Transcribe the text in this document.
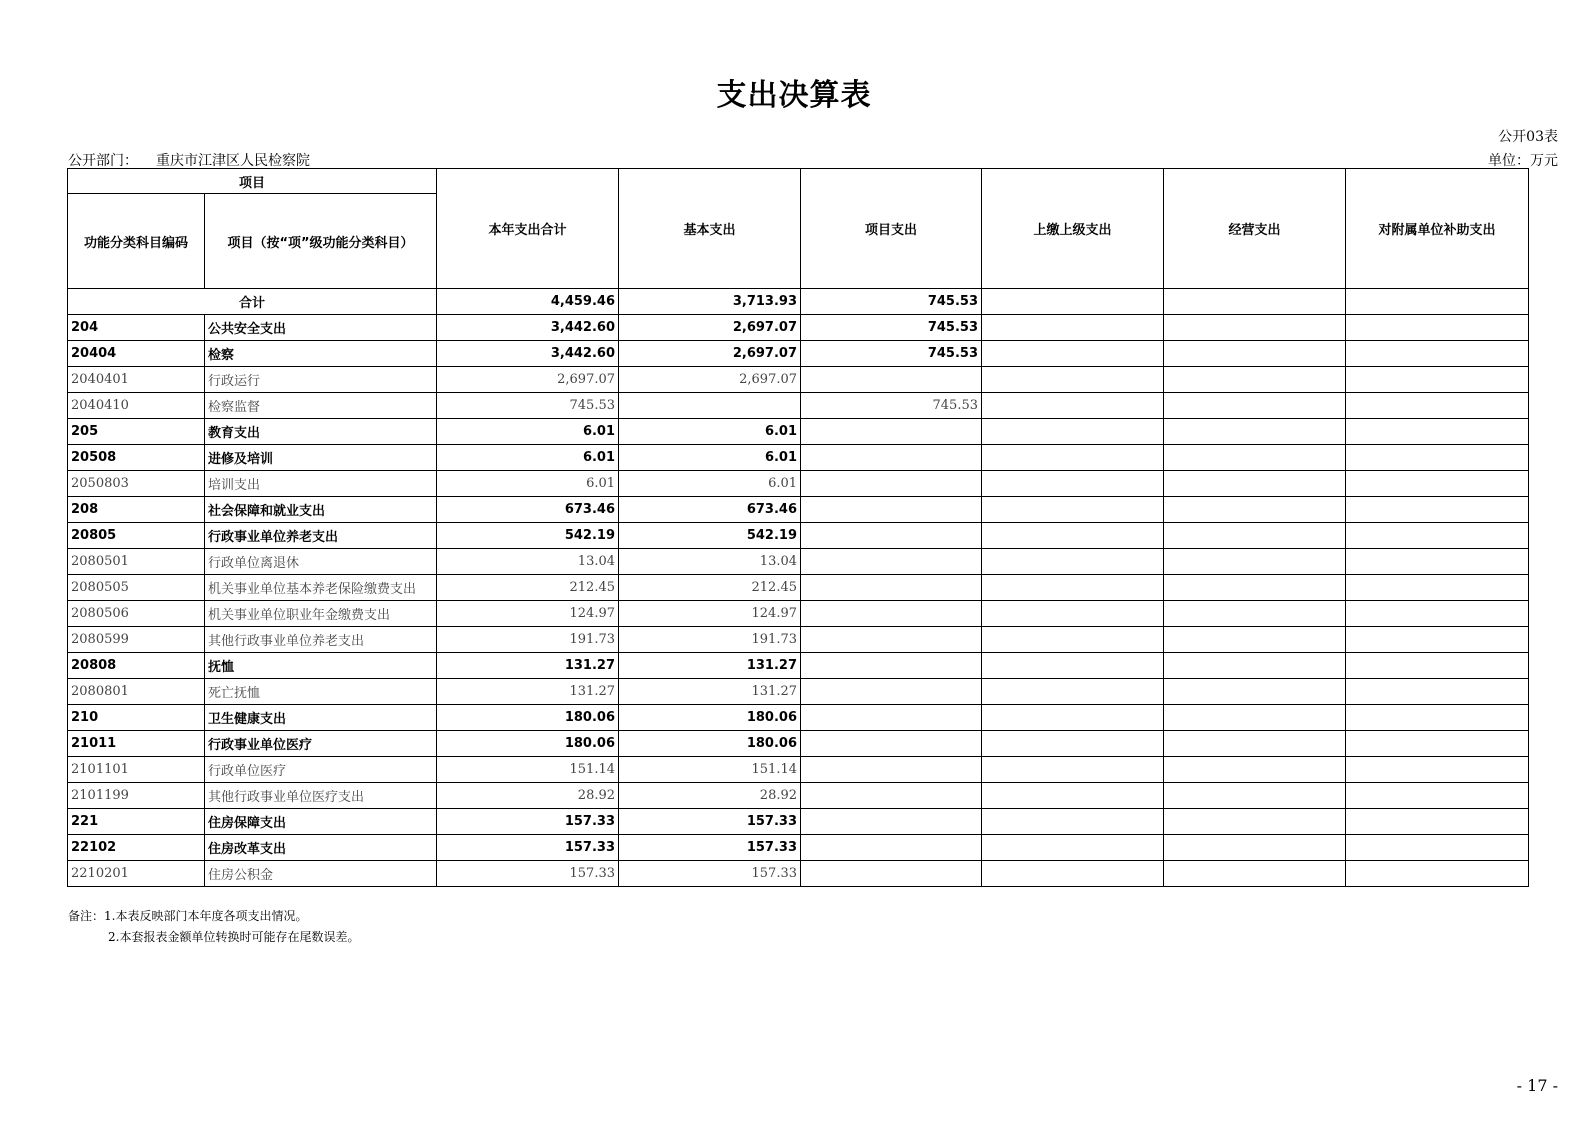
支出决算表
公开03表
公开部门： 重庆市江津区人民检察院	单位：万元
项目		本年支出合计	基本支出	项目支出	上缴上级支出	经营支出	对附属单位补助支出
功能分类科目编码	项目（按“项”级功能分类科目）						
合计		4,459.46	3,713.93	745.53			
204	公共安全支出	3,442.60	2,697.07	745.53			
20404	检察	3,442.60	2,697.07	745.53			
2040401	行政运行	2,697.07	2,697.07				
2040410	检察监督	745.53		745.53			
205	教育支出	6.01	6.01				
20508	进修及培训	6.01	6.01				
2050803	培训支出	6.01	6.01				
208	社会保障和就业支出	673.46	673.46				
20805	行政事业单位养老支出	542.19	542.19				
2080501	行政单位离退休	13.04	13.04				
2080505	机关事业单位基本养老保险缴费支出	212.45	212.45				
2080506	机关事业单位职业年金缴费支出	124.97	124.97				
2080599	其他行政事业单位养老支出	191.73	191.73				
20808	抚恤	131.27	131.27				
2080801	死亡抚恤	131.27	131.27				
210	卫生健康支出	180.06	180.06				
21011	行政事业单位医疗	180.06	180.06				
2101101	行政单位医疗	151.14	151.14				
2101199	其他行政事业单位医疗支出	28.92	28.92				
221	住房保障支出	157.33	157.33				
22102	住房改革支出	157.33	157.33				
2210201	住房公积金	157.33	157.33				
备注：1.本表反映部门本年度各项支出情况。
2.本套报表金额单位转换时可能存在尾数误差。
- 17 -
